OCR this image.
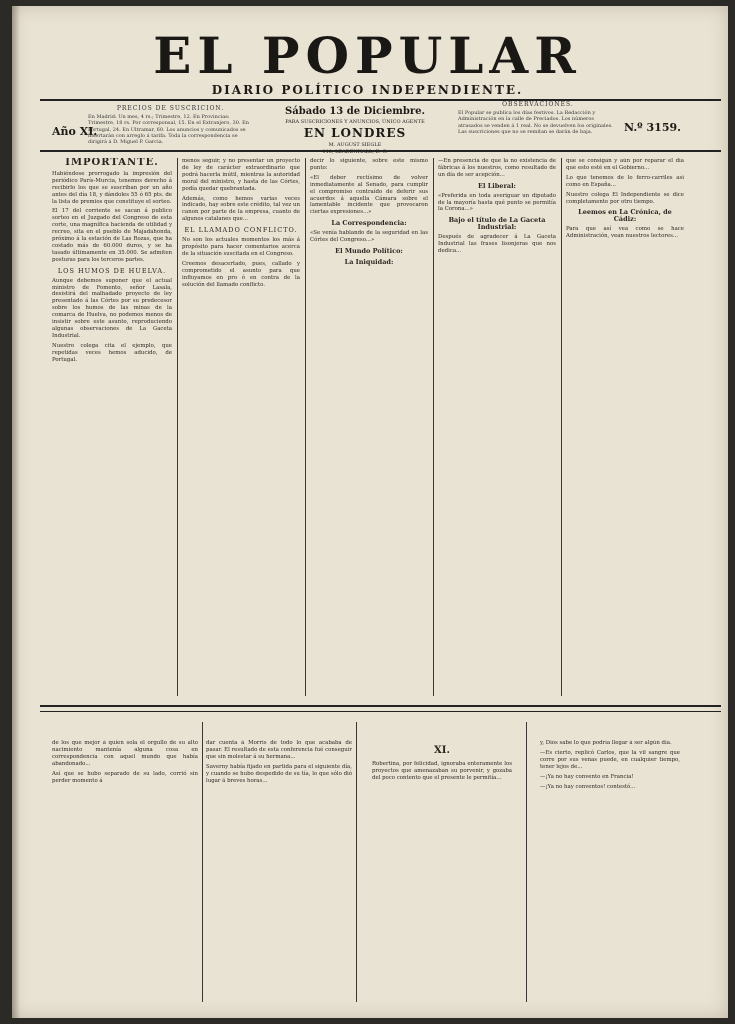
EL POPULAR
DIARIO POLÍTICO INDEPENDIENTE.
PRECIOS DE SUSCRICION.
En Madrid: Un mes, 4 rs.; Trimestre, 12. En Provincias: Trimestre, 18 rs. Por corresponsal, 15. En el Extranjero, 30. En Portugal, 24. En Ultramar, 60. Los anuncios y comunicados se insertarán con arreglo á tarifa. Toda la correspondencia se dirigirá á D. Miguel P. Garcia.
Año XI.
Sábado 13 de Diciembre.
PARA SUSCRICIONES Y ANUNCIOS, ÚNICO AGENTE
EN LONDRES
M. AUGUST SIEGLE
110, LEADENHALL, E. C.
OBSERVACIONES.
El Popular se publica los días festivos. La Redacción y Administración en la calle de Preciados. Los números atrasados se venden á 1 real. No se devuelven los originales. Las suscriciones que no se remitan se darán de baja.	N.º 3159.
IMPORTANTE.

Habiéndose prorrogado la impresión del periódico París-Murcia, tenemos derecho á recibirlo los que se suscriban por un año antes del día 18, y dándoles 55 ó 65 pts. de la lista de premios que constituye el sorteo.

El 17 del corriente se sacan á publico sorteo en el Juzgado del Congreso de esta corte, una magnífica hacienda de utilidad y recreo, sita en el pueblo de Majadahonda, próximo á la estación de Las Rozas, que ha costado más de 60.000 duros, y se ha tasado últimamente en 35.000. Se admiten posturas para los terceros partes.

LOS HUMOS DE HUELVA.

Aunque debemos suponer que el actual ministro de Fomento, señor Lasala, desistirá del malhadado proyecto de ley presentado á las Córtes por su predecesor sobre los humos de las minas de la comarca de Huelva, no podemos menos de insistir sobre este asunto, reproduciendo algunas observaciones de La Gaceta Industrial.

Nuestro colega cita el ejemplo, que repetidas veces hemos aducido, de Portugal.

menos seguir, y no presentar un proyecto de ley de carácter extraordinario que podrá hacerla inútil, mientras la autoridad moral del ministro, y hasta de las Córtes, podía quedar quebrantada.

Además, como hemos varias veces indicado, hay sobre este crédito, tal vez un canon por parte de la empresa, cuanto de algunos catalanes que...

EL LLAMADO CONFLICTO.

No son los actuales momentos los más á propósito para hacer comentarios acerca de la situación suscitada en el Congreso.

Creemos desacertado, pues, callado y comprometido el asunto para que influyamos en pro ó en contra de la solución del llamado conflicto.

decir lo siguiente, sobre este mismo punto:

«El deber rectísimo de volver inmediatamente al Senado, para cumplir el compromiso contraído de deferir sus acuerdos á aquella Cámara sobre el lamentable incidente que provocaron ciertas expresiones...»

La Correspondencia:

«Se venía hablando de la seguridad en las Córtes del Congreso...»

El Mundo Político:
La Iniquidad:

—En presencia de que la no existencia de fábricas á los nuestros, como resultado de un día de ser acepción...

El Liberal:

«Preferida en toda averiguar un diputado de la mayoría hasta qué punto se permitía la Corona...»

Bajo el título de La Gaceta Industrial:

Después de agradecer á La Gaceta Industrial las frases lisonjeras que nos dedica...

que se consigan y aún por reparar el día que esto esté en el Gobierno...

Lo que tenemos de lo ferro-carriles asi como en España...

Nuestro colega El Independiente se dice completamente por otro tiempo.

Leemos en La Crónica, de Cádiz:

Para que así vea como se hace Administración, vean nuestros lectores...

de los que mejor á quien sola el orgullo de su alto nacimiento mantenía alguna cosa en correspondencia con aquel mundo que había abandonado...

Así que se hubo separado de su lado, corrió sin perder momento á

dar cuenta á Morris de todo lo que acababa de pasar. El resultado de esta conferencia fué conseguir que sin molestar á su hermana...

Saverny había fijado en partida para el siguiente día, y cuando se hubo despedido de su tía, lo que sólo dió lugar á breves horas...

XI.

Robertina, por felicidad, ignoraba enteramente los proyectos que amenazaban su porvenir, y gozaba del poco contento que el presente le permitía...

y, Dios sabe lo que podría llegar á ser algún día.

—Es cierto, replicó Carlos, que la vil sangre que corre por sus venas puede, en cualquier tiempo, tener lejos de...

—¡Ya no hay convento en Francia!

—¡Ya no hay conventos! contestó...
